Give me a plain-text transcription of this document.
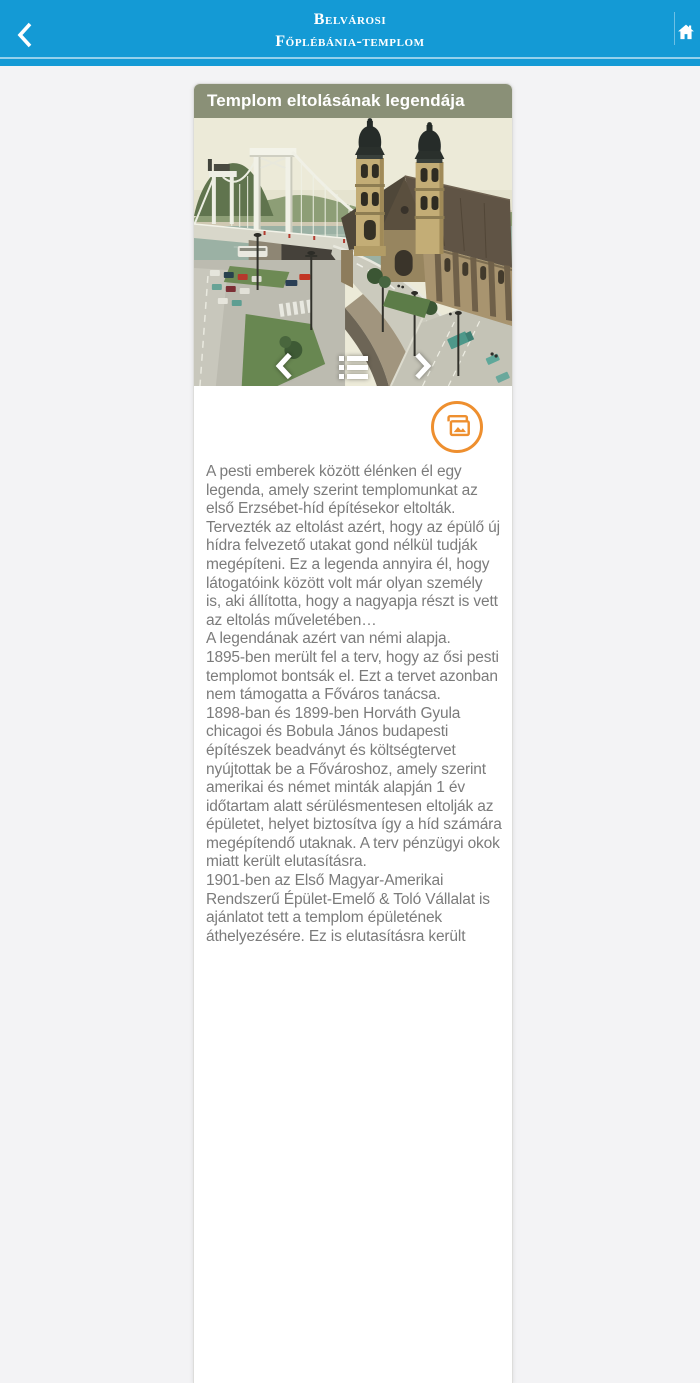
Belvárosi
Főplébánia-templom
Templom eltolásának legendája
A pesti emberek között élénken él egy
legenda, amely szerint templomunkat az
első Erzsébet-híd építésekor eltolták.
Tervezték az eltolást azért, hogy az épülő új
hídra felvezető utakat gond nélkül tudják
megépíteni. Ez a legenda annyira él, hogy
látogatóink között volt már olyan személy
is, aki állította, hogy a nagyapja részt is vett
az eltolás műveletében…
A legendának azért van némi alapja.
1895-ben merült fel a terv, hogy az ősi pesti
templomot bontsák el. Ezt a tervet azonban
nem támogatta a Főváros tanácsa.
1898-ban és 1899-ben Horváth Gyula
chicagoi és Bobula János budapesti
építészek beadványt és költségtervet
nyújtottak be a Fővároshoz, amely szerint
amerikai és német minták alapján 1 év
időtartam alatt sérülésmentesen eltolják az
épületet, helyet biztosítva így a híd számára
megépítendő utaknak. A terv pénzügyi okok
miatt került elutasításra.
1901-ben az Első Magyar-Amerikai
Rendszerű Épület-Emelő & Toló Vállalat is
ajánlatot tett a templom épületének
áthelyezésére. Ez is elutasításra került
